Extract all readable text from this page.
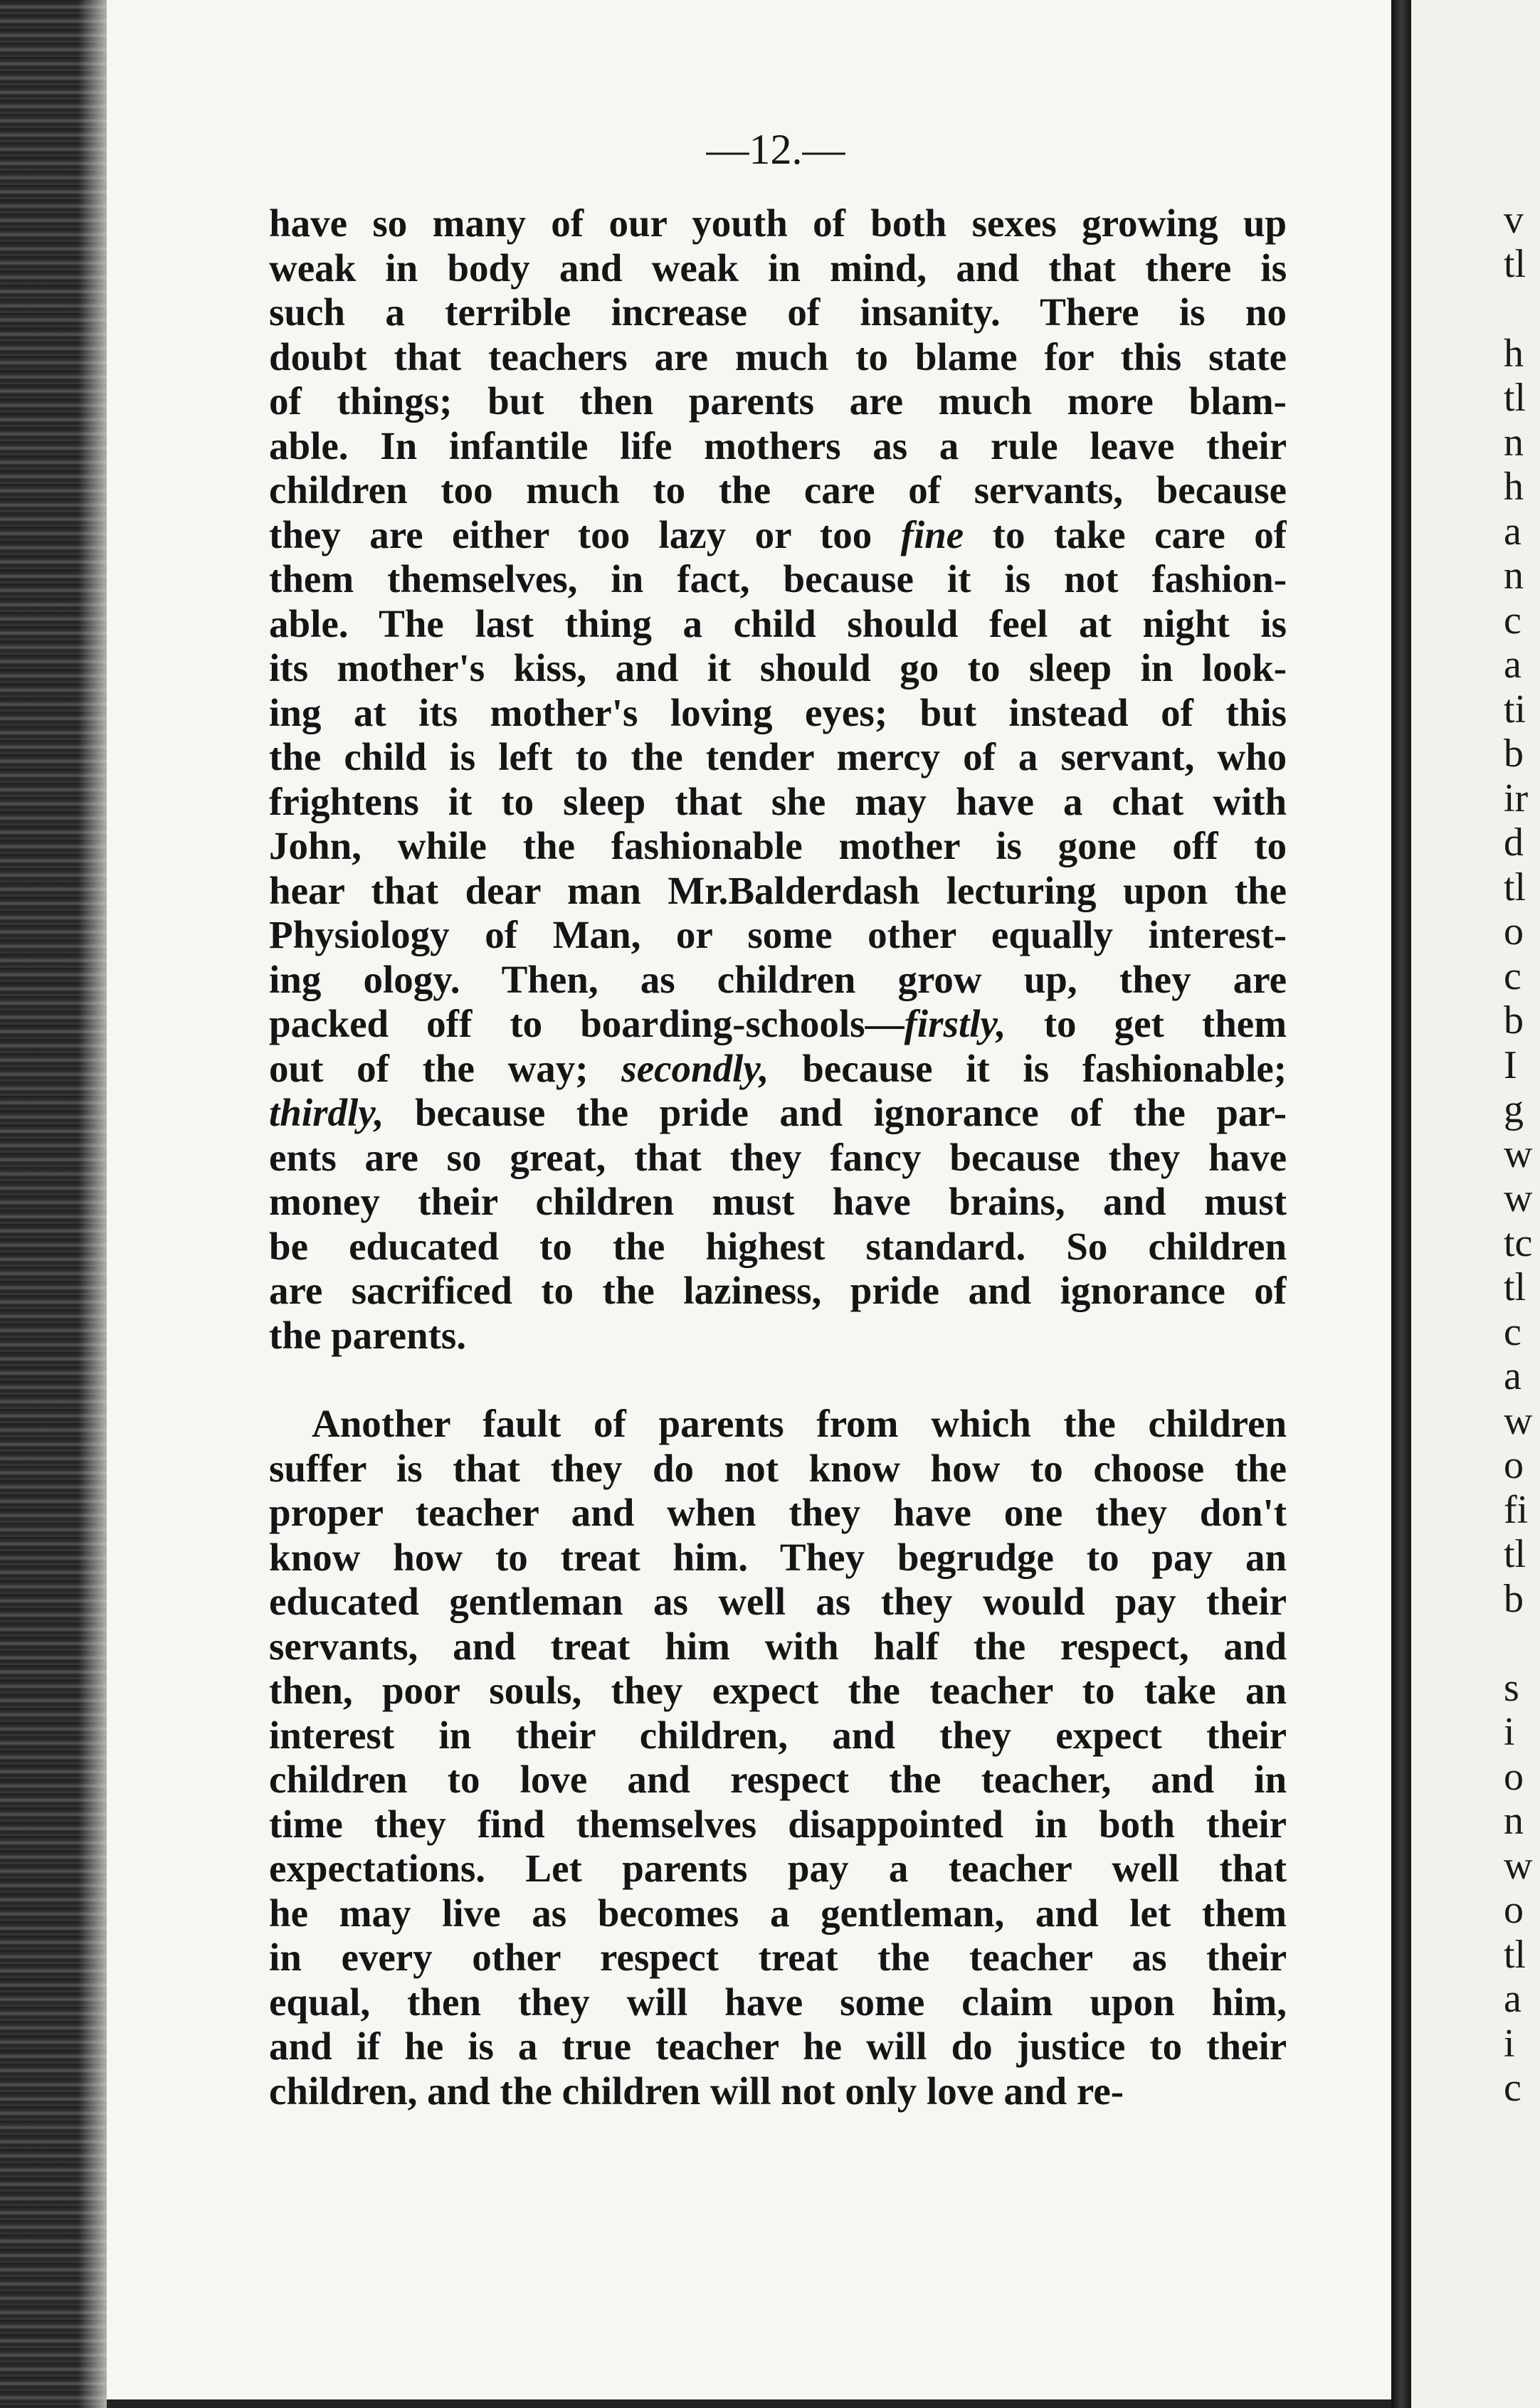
v
tl
h
tl
n
h
a
n
c
a
ti
b
ir
d
tl
o
c
b
I
g
w
w
tc
tl
c
a
w
o
fi
tl
b
s
i
o
n
w
o
tl
a
i
c
—12.—

have so many of our youth of both sexes growing up
weak in body and weak in mind, and that there is
such a terrible increase of insanity. There is no
doubt that teachers are much to blame for this state
of things; but then parents are much more blam-
able. In infantile life mothers as a rule leave their
children too much to the care of servants, because
they are either too lazy or too fine to take care of
them themselves, in fact, because it is not fashion-
able. The last thing a child should feel at night is
its mother's kiss, and it should go to sleep in look-
ing at its mother's loving eyes; but instead of this
the child is left to the tender mercy of a servant, who
frightens it to sleep that she may have a chat with
John, while the fashionable mother is gone off to
hear that dear man Mr.Balderdash lecturing upon the
Physiology of Man, or some other equally interest-
ing ology. Then, as children grow up, they are
packed off to boarding-schools—firstly, to get them
out of the way; secondly, because it is fashionable;
thirdly, because the pride and ignorance of the par-
ents are so great, that they fancy because they have
money their children must have brains, and must
be educated to the highest standard. So children
are sacrificed to the laziness, pride and ignorance of
the parents.

Another fault of parents from which the children
suffer is that they do not know how to choose the
proper teacher and when they have one they don't
know how to treat him. They begrudge to pay an
educated gentleman as well as they would pay their
servants, and treat him with half the respect, and
then, poor souls, they expect the teacher to take an
interest in their children, and they expect their
children to love and respect the teacher, and in
time they find themselves disappointed in both their
expectations. Let parents pay a teacher well that
he may live as becomes a gentleman, and let them
in every other respect treat the teacher as their
equal, then they will have some claim upon him,
and if he is a true teacher he will do justice to their
children, and the children will not only love and re-
